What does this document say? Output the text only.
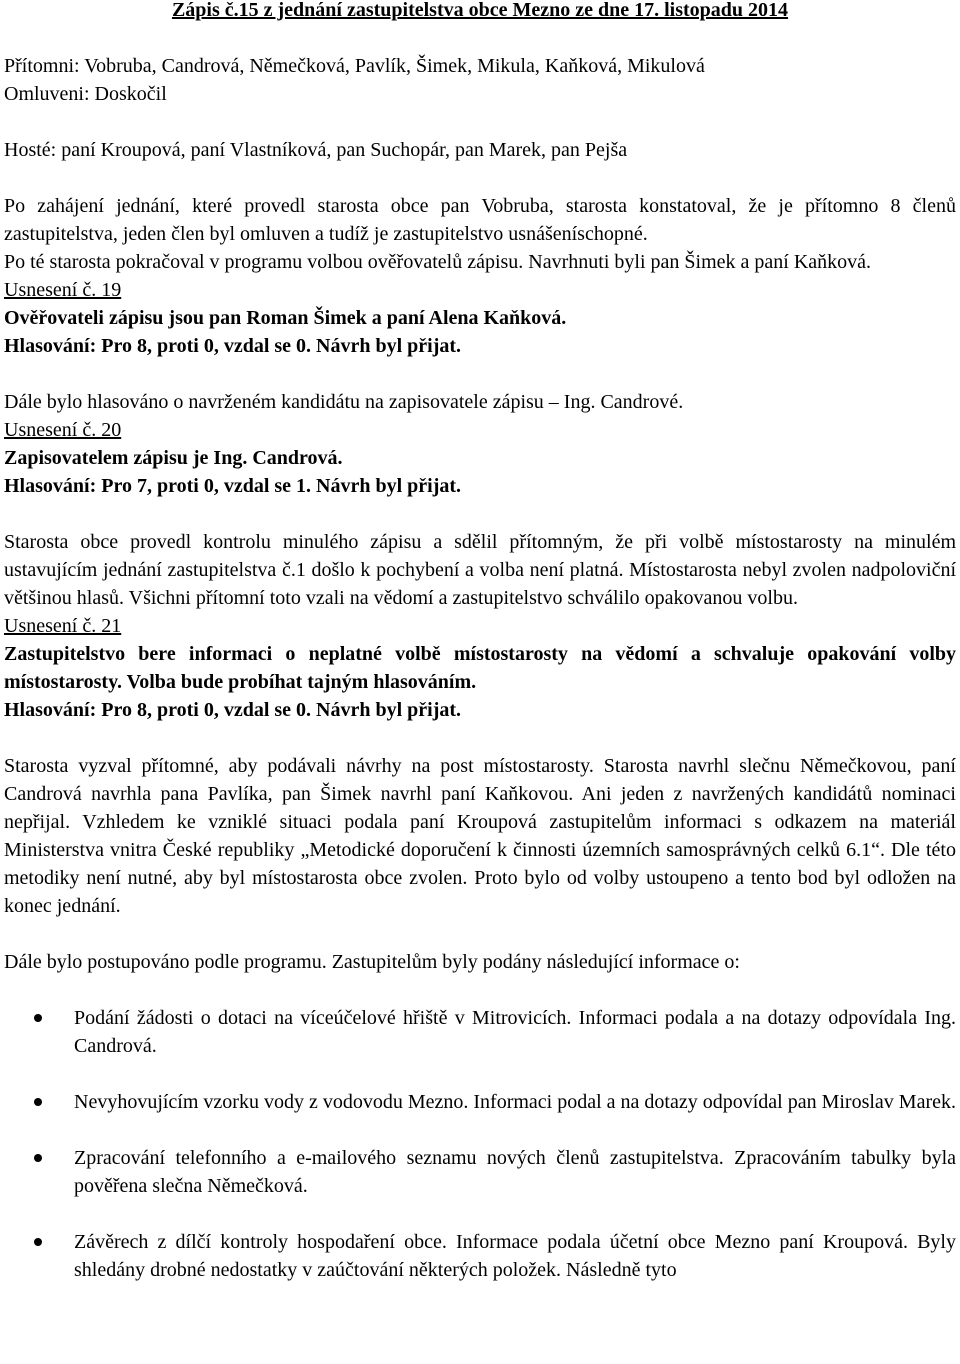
Zápis č.15 z jednání zastupitelstva obce Mezno ze dne 17. listopadu 2014

Přítomni: Vobruba, Candrová, Němečková, Pavlík, Šimek, Mikula, Kaňková, Mikulová

Omluveni: Doskočil

Hosté: paní Kroupová, paní Vlastníková, pan Suchopár, pan Marek, pan Pejša

Po zahájení jednání, které provedl starosta obce pan Vobruba, starosta konstatoval, že je přítomno 8 členů zastupitelstva, jeden člen byl omluven a tudíž je zastupitelstvo usnášeníschopné.

Po té starosta pokračoval v programu volbou ověřovatelů zápisu. Navrhnuti byli pan Šimek a paní Kaňková.

Usnesení č. 19

Ověřovateli zápisu jsou pan Roman Šimek a paní Alena Kaňková.

Hlasování: Pro 8, proti 0, vzdal se 0. Návrh byl přijat.

Dále bylo hlasováno o navrženém kandidátu na zapisovatele zápisu – Ing. Candrové.

Usnesení č. 20

Zapisovatelem zápisu je Ing. Candrová.

Hlasování: Pro 7, proti 0, vzdal se 1. Návrh byl přijat.

Starosta obce provedl kontrolu minulého zápisu a sdělil přítomným, že při volbě místostarosty na minulém ustavujícím jednání zastupitelstva č.1 došlo k pochybení a volba není platná. Místostarosta nebyl zvolen nadpoloviční většinou hlasů. Všichni přítomní toto vzali na vědomí a zastupitelstvo schválilo opakovanou volbu.

Usnesení č. 21

Zastupitelstvo bere informaci o neplatné volbě místostarosty na vědomí a schvaluje opakování volby místostarosty. Volba bude probíhat tajným hlasováním.

Hlasování: Pro 8, proti 0, vzdal se 0. Návrh byl přijat.

Starosta vyzval přítomné, aby podávali návrhy na post místostarosty. Starosta navrhl slečnu Němečkovou, paní Candrová navrhla pana Pavlíka, pan Šimek navrhl paní Kaňkovou. Ani jeden z navržených kandidátů nominaci nepřijal. Vzhledem ke vzniklé situaci podala paní Kroupová zastupitelům informaci s odkazem na materiál Ministerstva vnitra České republiky „Metodické doporučení k činnosti územních samosprávných celků 6.1“. Dle této metodiky není nutné, aby byl místostarosta obce zvolen. Proto bylo od volby ustoupeno a tento bod byl odložen na konec jednání.

Dále bylo postupováno podle programu. Zastupitelům byly podány následující informace o:

Podání žádosti o dotaci na víceúčelové hřiště v Mitrovicích. Informaci podala a na dotazy odpovídala Ing. Candrová.
Nevyhovujícím vzorku vody z vodovodu Mezno. Informaci podal a na dotazy odpovídal pan Miroslav Marek.
Zpracování telefonního a e-mailového seznamu nových členů zastupitelstva. Zpracováním tabulky byla pověřena slečna Němečková.
Závěrech z dílčí kontroly hospodaření obce. Informace podala účetní obce Mezno paní Kroupová. Byly shledány drobné nedostatky v zaúčtování některých položek. Následně tyto
